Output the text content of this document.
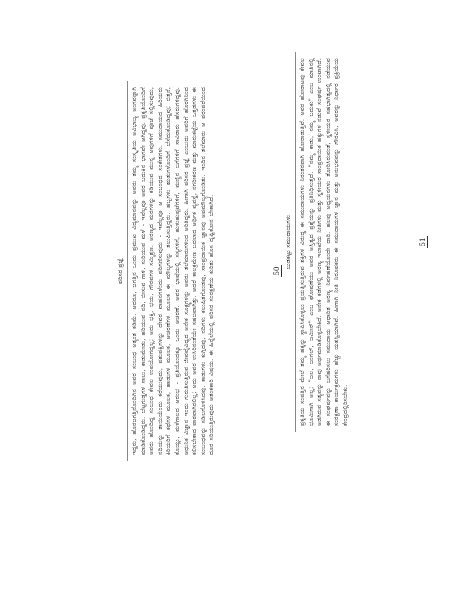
ಪರಿಸರ ಪ್ರಜ್ಞೆ ಇದ್ದರು, ಹೊರಜಗತ್ತಿನೊಂದಿಗಿನ ಅವರ ಸಂಬಂಧ ಅತ್ಯಂತ ಕಡಿಮೆ. ಆದರೂ, ಜಗತ್ತಿನ ಒಂದು ಪ್ರಮುಖ ವಿದ್ಯಮಾನವನ್ನು ಅವರು ತಮ್ಮ ಸಂಸ್ಕೃತಿಯ ಅವಿಭಾಜ್ಯ ಅಂಗವನ್ನಾಗಿ ಮಾಡಿಕೊಂಡಿದ್ದರು. ಬೆಟ್ಟಗುಡ್ಡಗಳ ಸಾಲು, ಕಾಡುಮೇಡು, ಹರಿಯುವ ನದಿ, ಬೀಸುವ ಗಾಳಿ, ಸುರಿಯುವ ಮಳೆ - ಇವೆಲ್ಲವೂ ಅವರ ಬದುಕಿನ ಭಾಗವೇ ಆಗಿದ್ದವು. ಪ್ರಕೃತಿಯೊಂದಿಗೆ ಅವರು ಹೊಂದಿದ್ದ ಸಂಬಂಧ ಕೇವಲ ಉಪಯೋಗದ್ದಲ್ಲ; ಅದು ಭಕ್ತಿ, ಭಯ, ಗೌರವಗಳ ಸಮ್ಮಿಶ್ರಣ. ಅರಣ್ಯದ ಮರಗಳನ್ನು ಕಡಿಯುವ ಮುನ್ನ ಅವುಗಳಿಗೆ ಪೂಜೆ ಸಲ್ಲಿಸುವುದು, ನದಿಯನ್ನು ತಾಯಿಯೆಂದು ಕರೆಯುವುದು, ಪಶುಪಕ್ಷಿಗಳನ್ನು ದೇವರ ವಾಹನಗಳೆಂದು ಪರಿಗಣಿಸುವುದು - ಇವೆಲ್ಲವೂ ಆ ಸಂಬಂಧದ ಸಂಕೇತಗಳು. ಸಮುದಾಯದ ಹಿರಿಯರು ಕಿರಿಯರಿಗೆ ಕಥೆಗಳ ಮೂಲಕ, ಹಾಡುಗಳ ಮೂಲಕ, ಆಚರಣೆಗಳ ಮೂಲಕ ಈ ಮೌಲ್ಯಗಳನ್ನು ತಲುಪಿಸುತ್ತಿದ್ದರು. ಹಬ್ಬಗಳು ಋತುಗಳೊಂದಿಗೆ ಬೆಸೆದುಕೊಂಡಿದ್ದವು; ಬಿತ್ತನೆ, ಕೊಯ್ಲು, ಮಳೆಗಾಲದ ಆರಂಭ - ಪ್ರತಿಯೊಂದಕ್ಕೂ ಒಂದು ಆಚರಣೆ. ಅವರ ಭಾಷೆಯಲ್ಲಿ ಸಸ್ಯಗಳಿಗೆ, ಹುಳುಹುಪ್ಪಟೆಗಳಿಗೆ, ಮಣ್ಣಿನ ಬಗೆಗಳಿಗೆ ಸಾವಿರಾರು ಹೆಸರುಗಳಿದ್ದವು. ಆಧುನಿಕ ವಿಜ್ಞಾನ ಇಂದು ಗುರುತಿಸುತ್ತಿರುವ ಜೀವವೈವಿಧ್ಯದ ಅನೇಕ ಸೂಕ್ಷ್ಮಗಳನ್ನು ಅವರು ತಲೆಮಾರುಗಳಿಂದ ಅರಿತಿದ್ದರು. ಹೀಗಾಗಿ ಪರಿಸರ ಪ್ರಜ್ಞೆ ಎಂಬುದು ಅವರಿಗೆ ಹೊರಗಿನಿಂದ ಕಲಿಸಬೇಕಾದ ಪಾಠವಾಗಿರಲಿಲ್ಲ; ಅದು ಅವರ ಉಸಿರಿನಂತೆಯೇ ಸಹಜವಾಗಿತ್ತು. ಆದರೆ ಕಾಲಕ್ರಮೇಣ ಬದಲಾದ ಆರ್ಥಿಕ ವ್ಯವಸ್ಥೆ, ನಗರೀಕರಣ ಮತ್ತು ಮಾರುಕಟ್ಟೆಯ ಒತ್ತಡಗಳು ಈ ಸಂಬಂಧವನ್ನು ಸಡಿಲಗೊಳಿಸಿದವು. ಕಾಡುಗಳು ಕುಗ್ಗಿದವು, ನದಿಗಳು ಕಲುಷಿತಗೊಂಡವು, ಸಾಂಪ್ರದಾಯಿಕ ಜ್ಞಾನವು ಅಪಮೌಲ್ಯಗೊಂಡಿತು. ಇಂದಿನ ತಲೆಮಾರು ಆ ಪರಂಪರೆಯಿಂದ ದೂರ ಸರಿಯುತ್ತಿರುವುದು ಆತಂಕಕಾರಿ ವಿಷಯ. ಈ ಹಿನ್ನೆಲೆಯಲ್ಲಿ ಪರಿಸರ ಸಂರಕ್ಷಣೆಯ ಕುರಿತು ಹೊಸ ದೃಷ್ಟಿಕೋನ ಬೇಕಾಗಿದೆ.	50
ಬುಡಕಟ್ಟು ಸಮುದಾಯಗಳು ಪ್ರಕೃತಿಯ ಸಂಪತ್ತಿನ ಮೇಲೆ ತಮ್ಮ ಹಕ್ಕನ್ನು ಸ್ಥಾಪಿಸಿಕೊಳ್ಳಲು ಪ್ರಯತ್ನಿಸುತ್ತಿರುವ ಶಕ್ತಿಗಳ ವಿರುದ್ಧ ಈ ಸಮುದಾಯಗಳು ನಿರಂತರವಾಗಿ ಹೋರಾಡುತ್ತಿವೆ. ಅವರ ಹೋರಾಟವು ಕೇವಲ ಭೂಮಿಗಾಗಿ ಅಲ್ಲ; "ಜಲ, ಜಂಗಲ್, ಜಮೀನ್" ಎಂಬ ಘೋಷಣೆಯು ಅವರ ಅಸ್ತಿತ್ವದ ಪ್ರಶ್ನೆಯನ್ನು ಪ್ರತಿನಿಧಿಸುತ್ತದೆ. "ನಮ್ಮ ಕಾಡು, ನಮ್ಮ ಬದುಕು" ಎಂಬ ಮಾತಿನಲ್ಲಿ ಅಡಗಿರುವ ಸತ್ಯವನ್ನು ನಾವು ಅರ್ಥಮಾಡಿಕೊಳ್ಳಬೇಕಿದೆ. ಅನೇಕ ಕಡೆಗಳಲ್ಲಿ ಅರಣ್ಯ ಇಲಾಖೆಯ ನೀತಿಗಳು ಮತ್ತು ಸ್ಥಳೀಯರ ಸಾಂಪ್ರದಾಯಿಕ ಹಕ್ಕುಗಳ ನಡುವೆ ಸಂಘರ್ಷ ಉಂಟಾಗಿದೆ. ಈ ಸಂಘರ್ಷವನ್ನು ಬಗೆಹರಿಸಲು ಸಮುದಾಯ ಆಧಾರಿತ ಅರಣ್ಯ ನಿರ್ವಹಣೆಯೊಂದೇ ದಾರಿ. ಹಲವು ಅಧ್ಯಯನಗಳು ತೋರಿಸಿರುವಂತೆ, ಸ್ಥಳೀಯರ ಸಹಭಾಗಿತ್ವದಲ್ಲಿ ನಡೆಯುವ ಸಂರಕ್ಷಣಾ ಕಾರ್ಯಕ್ರಮಗಳು ಹೆಚ್ಚು ಯಶಸ್ವಿಯಾಗಿವೆ. ಹೀಗಾಗಿ ನೀತಿ ನಿರೂಪಕರು ಈ ಸಮುದಾಯಗಳ ಜ್ಞಾನ ಮತ್ತು ಅನುಭವವನ್ನು ಗೌರವಿಸಿ, ಅವರನ್ನು ನಿರ್ಧಾರ ಪ್ರಕ್ರಿಯೆಯ ಕೇಂದ್ರದಲ್ಲಿರಿಸಬೇಕು.
51
